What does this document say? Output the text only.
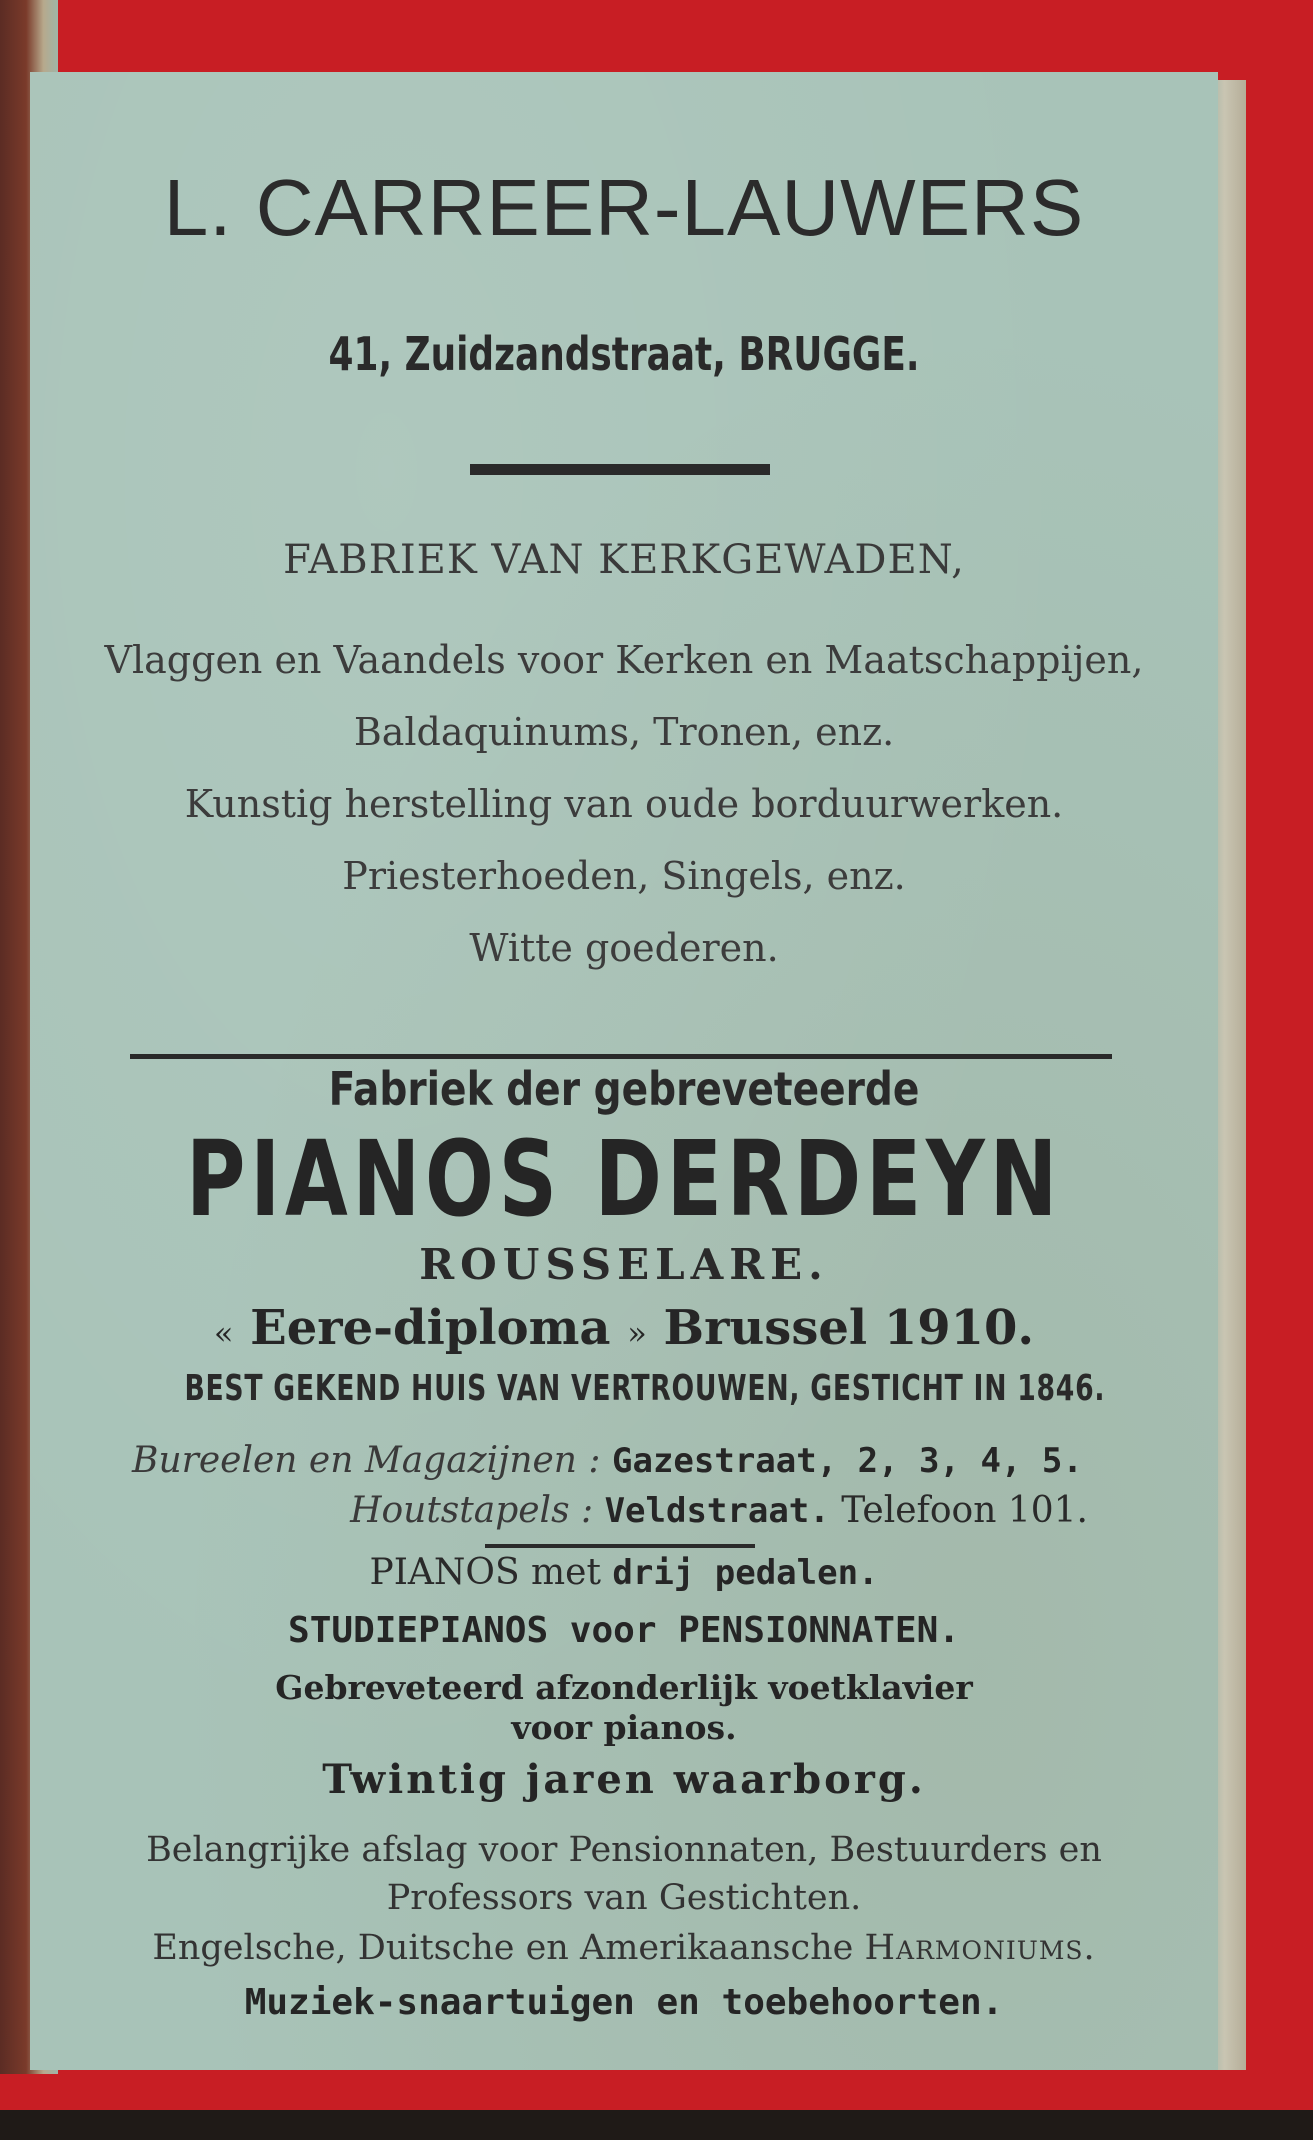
L. CARREER-LAUWERS
41, Zuidzandstraat, BRUGGE.
FABRIEK VAN KERKGEWADEN,
Vlaggen en Vaandels voor Kerken en Maatschappijen,
Baldaquinums, Tronen, enz.
Kunstig herstelling van oude borduurwerken.
Priesterhoeden, Singels, enz.
Witte goederen.
Fabriek der gebreveteerde
PIANOS DERDEYN
ROUSSELARE.
« Eere-diploma » Brussel 1910.
BEST GEKEND HUIS VAN VERTROUWEN, GESTICHT IN 1846.
Bureelen en Magazijnen : Gazestraat, 2, 3, 4, 5.
Houtstapels : Veldstraat. Telefoon 101.
PIANOS met drij pedalen.
STUDIEPIANOS voor PENSIONNATEN.
Gebreveteerd afzonderlijk voetklavier
voor pianos.
Twintig jaren waarborg.
Belangrijke afslag voor Pensionnaten, Bestuurders en
Professors van Gestichten.
Engelsche, Duitsche en Amerikaansche Harmoniums.
Muziek-snaartuigen en toebehoorten.
